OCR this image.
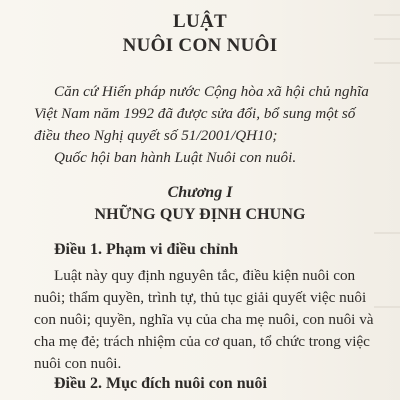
LUẬT
NUÔI CON NUÔI
Căn cứ Hiến pháp nước Cộng hòa xã hội chủ nghĩa
Việt Nam năm 1992 đã được sửa đổi, bổ sung một số
điều theo Nghị quyết số 51/2001/QH10;
Quốc hội ban hành Luật Nuôi con nuôi.
Chương I
NHỮNG QUY ĐỊNH CHUNG
Điều 1. Phạm vi điều chỉnh
Luật này quy định nguyên tắc, điều kiện nuôi con
nuôi; thẩm quyền, trình tự, thủ tục giải quyết việc nuôi
con nuôi; quyền, nghĩa vụ của cha mẹ nuôi, con nuôi và
cha mẹ đẻ; trách nhiệm của cơ quan, tổ chức trong việc
nuôi con nuôi.
Điều 2. Mục đích nuôi con nuôi
